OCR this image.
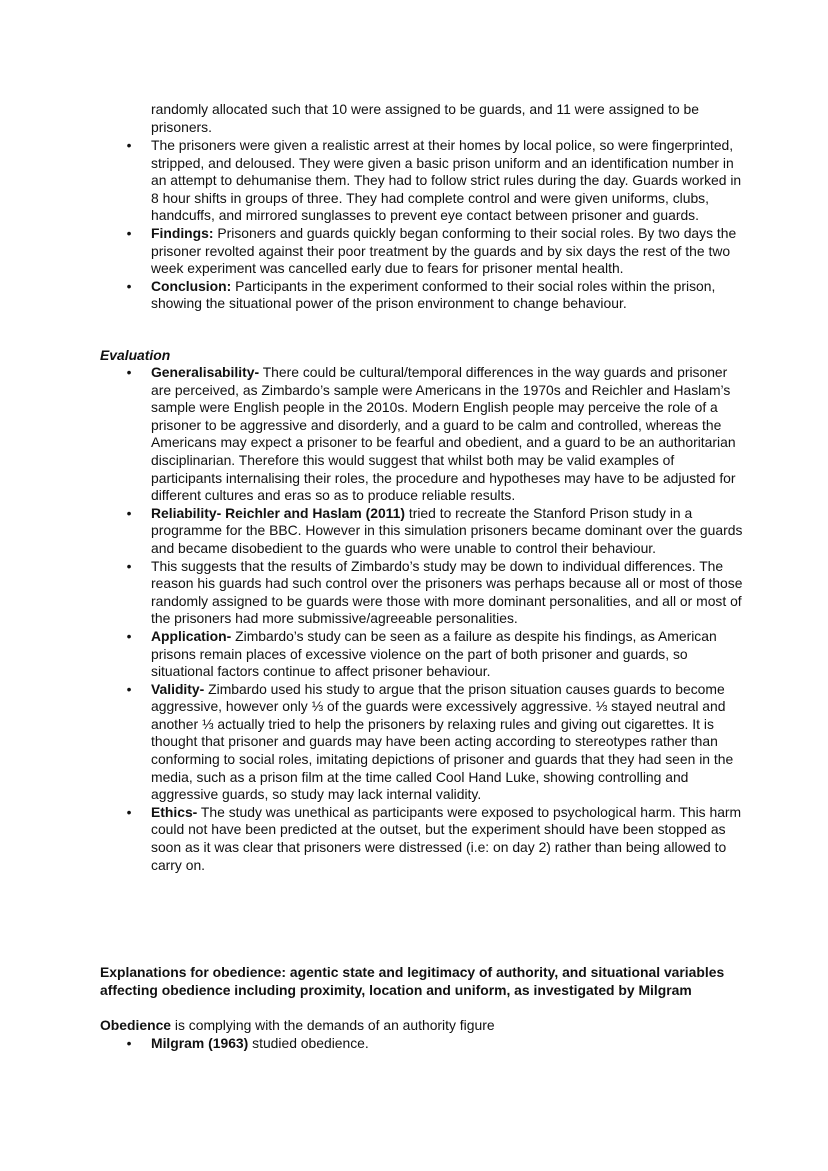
randomly allocated such that 10 were assigned to be guards, and 11 were assigned to be prisoners.
• The prisoners were given a realistic arrest at their homes by local police, so were fingerprinted, stripped, and deloused. They were given a basic prison uniform and an identification number in an attempt to dehumanise them. They had to follow strict rules during the day. Guards worked in 8 hour shifts in groups of three. They had complete control and were given uniforms, clubs, handcuffs, and mirrored sunglasses to prevent eye contact between prisoner and guards.
• Findings: Prisoners and guards quickly began conforming to their social roles. By two days the prisoner revolted against their poor treatment by the guards and by six days the rest of the two week experiment was cancelled early due to fears for prisoner mental health.
• Conclusion: Participants in the experiment conformed to their social roles within the prison, showing the situational power of the prison environment to change behaviour.
Evaluation
• Generalisability- There could be cultural/temporal differences in the way guards and prisoner are perceived, as Zimbardo’s sample were Americans in the 1970s and Reichler and Haslam’s sample were English people in the 2010s. Modern English people may perceive the role of a prisoner to be aggressive and disorderly, and a guard to be calm and controlled, whereas the Americans may expect a prisoner to be fearful and obedient, and a guard to be an authoritarian disciplinarian. Therefore this would suggest that whilst both may be valid examples of participants internalising their roles, the procedure and hypotheses may have to be adjusted for different cultures and eras so as to produce reliable results.
• Reliability- Reichler and Haslam (2011) tried to recreate the Stanford Prison study in a programme for the BBC. However in this simulation prisoners became dominant over the guards and became disobedient to the guards who were unable to control their behaviour.
• This suggests that the results of Zimbardo’s study may be down to individual differences. The reason his guards had such control over the prisoners was perhaps because all or most of those randomly assigned to be guards were those with more dominant personalities, and all or most of the prisoners had more submissive/agreeable personalities.
• Application- Zimbardo’s study can be seen as a failure as despite his findings, as American prisons remain places of excessive violence on the part of both prisoner and guards, so situational factors continue to affect prisoner behaviour.
• Validity- Zimbardo used his study to argue that the prison situation causes guards to become aggressive, however only ⅓ of the guards were excessively aggressive. ⅓ stayed neutral and another ⅓ actually tried to help the prisoners by relaxing rules and giving out cigarettes. It is thought that prisoner and guards may have been acting according to stereotypes rather than conforming to social roles, imitating depictions of prisoner and guards that they had seen in the media, such as a prison film at the time called Cool Hand Luke, showing controlling and aggressive guards, so study may lack internal validity.
• Ethics- The study was unethical as participants were exposed to psychological harm. This harm could not have been predicted at the outset, but the experiment should have been stopped as soon as it was clear that prisoners were distressed (i.e: on day 2) rather than being allowed to carry on.
Explanations for obedience: agentic state and legitimacy of authority, and situational variables affecting obedience including proximity, location and uniform, as investigated by Milgram
Obedience is complying with the demands of an authority figure
• Milgram (1963) studied obedience.
